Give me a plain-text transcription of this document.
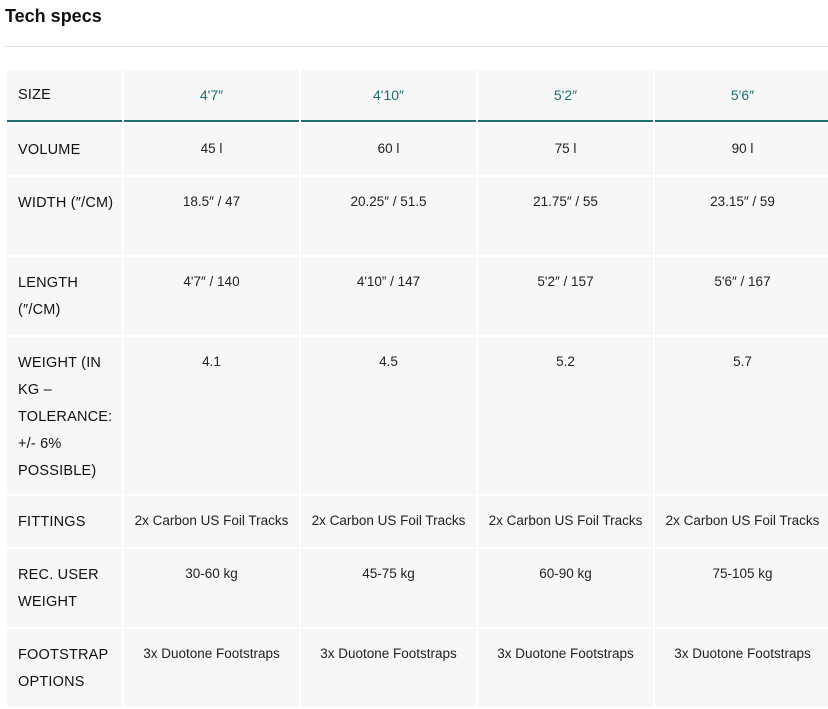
Tech specs
SIZE	4'7″	4'10″	5'2″	5'6″
VOLUME	45 l	60 l	75 l	90 l
WIDTH (″/CM)	18.5″ / 47	20.25″ / 51.5	21.75″ / 55	23.15″ / 59
LENGTH (″/CM)	4'7″ / 140	4'10” / 147	5'2″ / 157	5'6″ / 167
WEIGHT (IN KG – TOLERANCE: +/- 6% POSSIBLE)	4.1	4.5	5.2	5.7
FITTINGS	2x Carbon US Foil Tracks	2x Carbon US Foil Tracks	2x Carbon US Foil Tracks	2x Carbon US Foil Tracks
REC. USER WEIGHT	30-60 kg	45-75 kg	60-90 kg	75-105 kg
FOOTSTRAP OPTIONS	3x Duotone Footstraps	3x Duotone Footstraps	3x Duotone Footstraps	3x Duotone Footstraps
